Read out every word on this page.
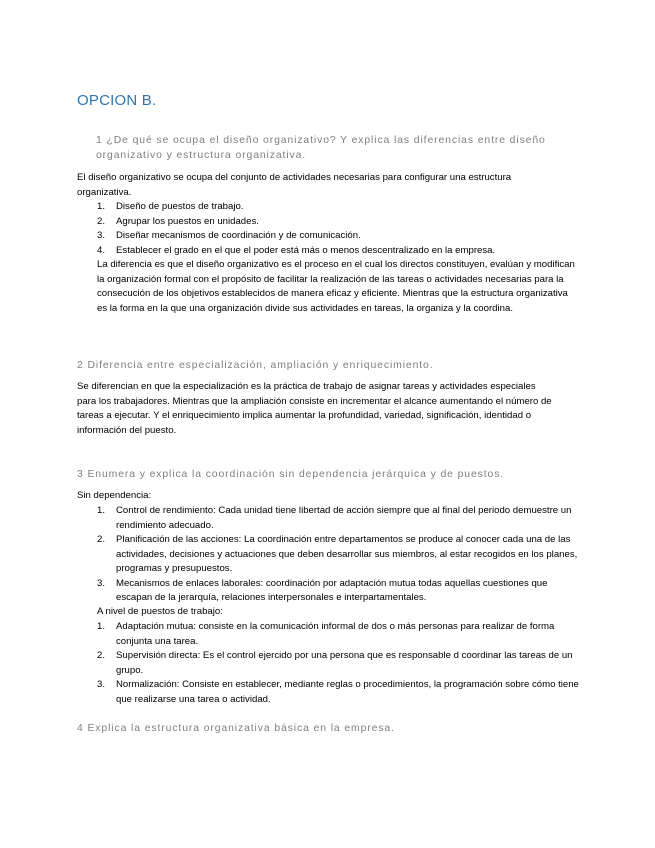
OPCION B.
1 ¿De qué se ocupa el diseño organizativo? Y explica las diferencias entre diseño organizativo y estructura organizativa.
El diseño organizativo se ocupa del conjunto de actividades necesarias para configurar una estructura organizativa.
1. Diseño de puestos de trabajo.
2. Agrupar los puestos en unidades.
3. Diseñar mecanismos de coordinación y de comunicación.
4. Establecer el grado en el que el poder está más o menos descentralizado en la empresa.
La diferencia es que el diseño organizativo es el proceso en el cual los directos constituyen, evalúan y modifican la organización formal con el propósito de facilitar la realización de las tareas o actividades necesarias para la consecución de los objetivos establecidos de manera eficaz y eficiente. Mientras que la estructura organizativa es la forma en la que una organización divide sus actividades en tareas, la organiza y la coordina.
2 Diferencia entre especialización, ampliación y enriquecimiento.
Se diferencian en que la especialización es la práctica de trabajo de asignar tareas y actividades especiales para los trabajadores. Mientras que la ampliación consiste en incrementar el alcance aumentando el número de tareas a ejecutar. Y el enriquecimiento implica aumentar la profundidad, variedad, significación, identidad o información del puesto.
3 Enumera y explica la coordinación sin dependencia jerárquica y de puestos.
Sin dependencia:
1. Control de rendimiento: Cada unidad tiene libertad de acción siempre que al final del periodo demuestre un rendimiento adecuado.
2. Planificación de las acciones: La coordinación entre departamentos se produce al conocer cada una de las actividades, decisiones y actuaciones que deben desarrollar sus miembros, al estar recogidos en los planes, programas y presupuestos.
3. Mecanismos de enlaces laborales: coordinación por adaptación mutua todas aquellas cuestiones que escapan de la jerarquía, relaciones interpersonales e interpartamentales.
A nivel de puestos de trabajo:
1. Adaptación mutua: consiste en la comunicación informal de dos o más personas para realizar de forma conjunta una tarea.
2. Supervisión directa: Es el control ejercido por una persona que es responsable d coordinar las tareas de un grupo.
3. Normalización: Consiste en establecer, mediante reglas o procedimientos, la programación sobre cómo tiene que realizarse una tarea o actividad.
4 Explica la estructura organizativa básica en la empresa.
